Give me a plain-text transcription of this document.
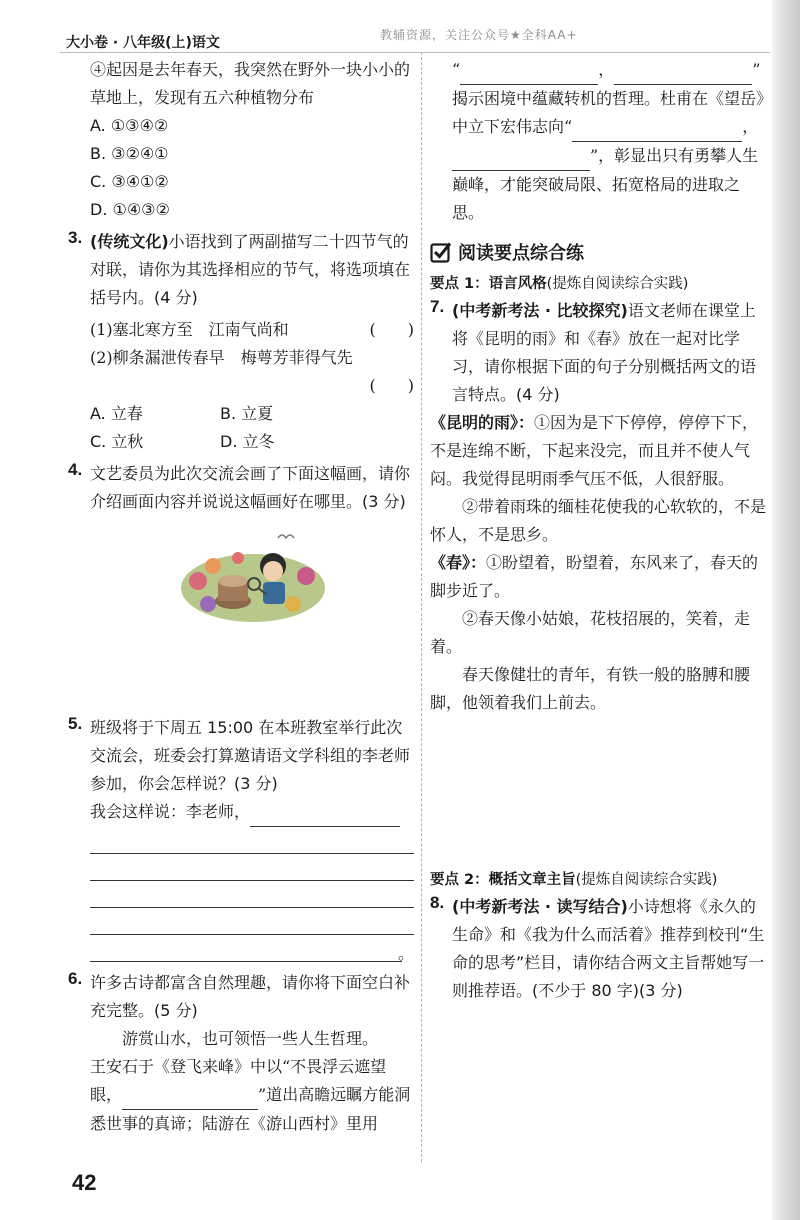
大小卷 · 八年级(上)语文	教辅资源，关注公众号★全科AA+

④起因是去年春天，我突然在野外一块小小的草地上，发现有五六种植物分布

A. ①③④②

B. ③②④①

C. ③④①②

D. ①④③②

3. (传统文化)小语找到了两副描写二十四节气的对联，请你为其选择相应的节气，将选项填在括号内。(4 分)

(1)塞北寒方至　江南气尚和	(　　)

(2)柳条漏泄传春早　梅萼芳菲得气先

(　　)

A. 立春	B. 立夏
C. 立秋	D. 立冬
4. 文艺委员为此次交流会画了下面这幅画，请你介绍画面内容并说说这幅画好在哪里。(3 分)

5. 班级将于下周五 15:00 在本班教室举行此次交流会，班委会打算邀请语文学科组的李老师参加，你会怎样说？(3 分)

我会这样说：李老师，

。
6. 许多古诗都富含自然理趣，请你将下面空白补充完整。(5 分)

游赏山水，也可领悟一些人生哲理。

王安石于《登飞来峰》中以“不畏浮云遮望眼，	”道出高瞻远瞩方能洞悉世事的真谛；陆游在《游山西村》里用

“	，	”

揭示困境中蕴藏转机的哲理。杜甫在《望岳》中立下宏伟志向“	，
”，彰显出只有勇攀人生巅峰，才能突破局限、拓宽格局的进取之思。

阅读要点综合练

要点 1：语言风格(提炼自阅读综合实践)

7. (中考新考法 · 比较探究)语文老师在课堂上将《昆明的雨》和《春》放在一起对比学习，请你根据下面的句子分别概括两文的语言特点。(4 分)

《昆明的雨》：①因为是下下停停，停停下下，不是连绵不断，下起来没完，而且并不使人气闷。我觉得昆明雨季气压不低，人很舒服。

②带着雨珠的缅桂花使我的心软软的，不是怀人，不是思乡。

《春》：①盼望着，盼望着，东风来了，春天的脚步近了。

②春天像小姑娘，花枝招展的，笑着，走着。

春天像健壮的青年，有铁一般的胳膊和腰脚，他领着我们上前去。

要点 2：概括文章主旨(提炼自阅读综合实践)

8. (中考新考法 · 读写结合)小诗想将《永久的生命》和《我为什么而活着》推荐到校刊“生命的思考”栏目，请你结合两文主旨帮她写一则推荐语。(不少于 80 字)(3 分)

42
